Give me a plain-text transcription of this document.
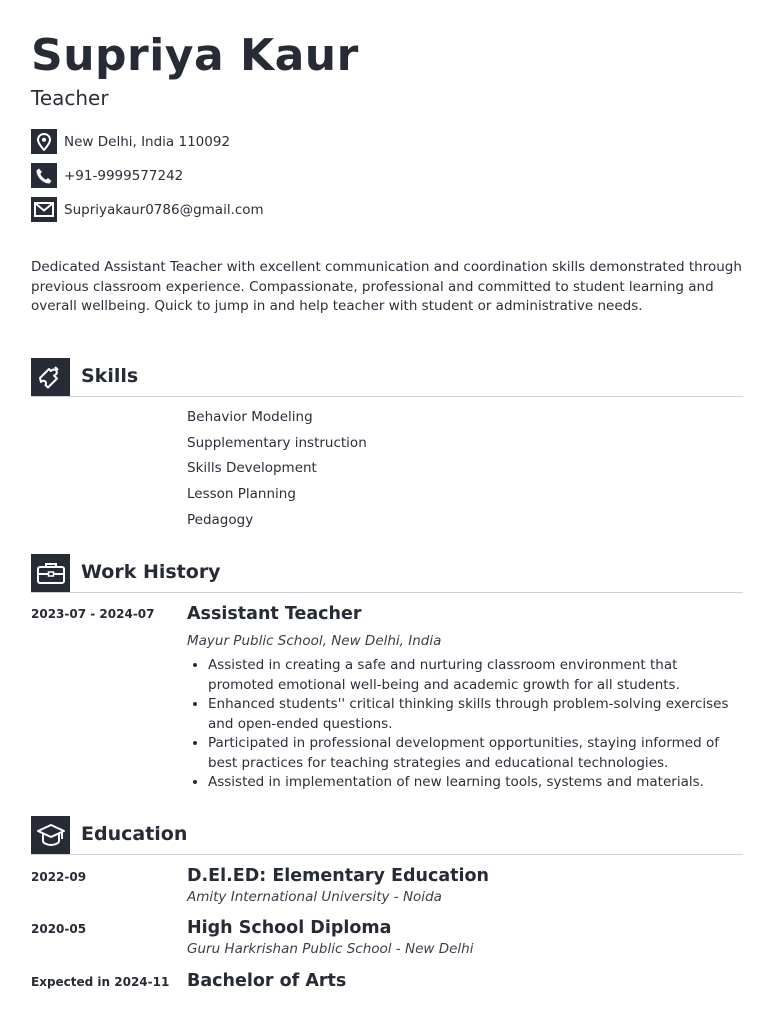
Supriya Kaur
Teacher
New Delhi, India 110092
+91-9999577242
Supriyakaur0786@gmail.com

Dedicated Assistant Teacher with excellent communication and coordination skills demonstrated through previous classroom experience. Compassionate, professional and committed to student learning and overall wellbeing. Quick to jump in and help teacher with student or administrative needs.

Skills
Behavior Modeling
Supplementary instruction
Skills Development
Lesson Planning
Pedagogy
Work History
2023-07 - 2024-07 Assistant Teacher
Mayur Public School, New Delhi, India
• Assisted in creating a safe and nurturing classroom environment that promoted emotional well-being and academic growth for all students.
• Enhanced students'' critical thinking skills through problem-solving exercises and open-ended questions.
• Participated in professional development opportunities, staying informed of best practices for teaching strategies and educational technologies.
• Assisted in implementation of new learning tools, systems and materials.
Education
2022-09	D.El.ED: Elementary Education
Amity International University - Noida
2020-05	High School Diploma
Guru Harkrishan Public School - New Delhi
Expected in 2024-11 Bachelor of Arts
